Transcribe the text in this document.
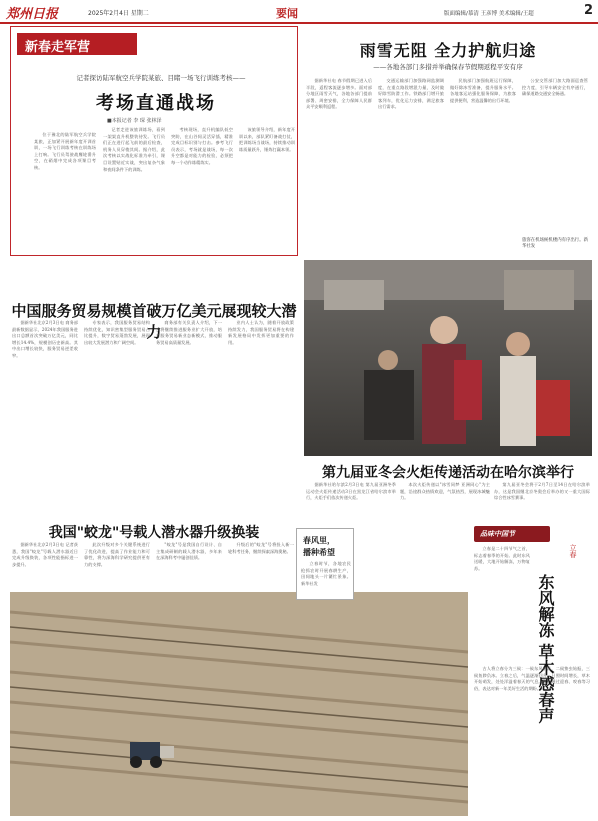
郑州日报	2025年2月4日 星期二	要闻	版面编辑/慕清 王彦博 美术编辑/王超	2
新春走军营
记者探访陆军航空兵学院某旅、目睹一场飞行训练考核——
考场直通战场
■本报记者 李 琛 张林泽

记者走进该旅训练场，看到一架架直升机整装待发。飞行员们正在进行起飞前的最后检查，机务人员穿梭其间。据介绍，此次考核以实战化标准为牵引，课目设置贴近实战，突出复杂气象和夜间条件下的训练。

考核现场，直升机编队低空突防，在山谷间灵活穿插，精准完成目标识别与打击。参考飞行员表示，考场就是战场，每一次升空都是对能力的检验，必须把每一个动作练精练实。

该旅领导介绍，新年度开训以来，部队紧盯备战打仗，把训练场当战场，持续推动训练质量跃升，锤炼打赢本领。

位于豫北的陆军航空兵学院某旅，正加紧开展新年度开训首训，一场飞行训练考核在训练场上打响。飞行员驾驶战鹰轮番升空，在硝烟中完成各项课目考核。

雨雪无阻 全力护航归途
——各地各部门多措并举确保春节假期返程平安有序

据新华社电 春节假期已进入后半段，返程客流逐步增多。面对部分地区雨雪天气，各地各部门提前部署、周密安排，全力保障人民群众平安顺利返程。

交通运输部门加强路网监测调度，在重点路段增派力量，及时做好除雪防滑工作。铁路部门增开旅客列车，优化运力安排，满足旅客出行需求。

民航部门加强航班运行保障，做好除冰雪准备，提升服务水平。各地客运站强化服务保障，为旅客提供便利，营造温馨的出行环境。

公安交管部门加大路面巡查管控力度，引导车辆安全有序通行，确保道路交通安全畅通。

旅客在机场候机楼内有序出行。新华社发
中国服务贸易规模首破万亿美元展现较大潜力

据新华社北京2月3日电 商务部最新数据显示，2024年我国服务进出口总额首次突破万亿美元，同比增长14.4%，规模创历史新高。其中出口增长较快，服务贸易逆差收窄。

专家表示，我国服务贸易结构持续优化，知识密集型服务贸易占比提升，数字贸易蓬勃发展，展现出较大发展潜力和广阔空间。

商务部有关负责人介绍，下一步将继续推进服务业扩大开放，培育服务贸易新业态新模式，推动服务贸易高质量发展。

业内人士认为，随着开放政策持续发力，我国服务贸易将在构建新发展格局中发挥更加重要的作用。

第九届亚冬会火炬传递活动在哈尔滨举行

据新华社哈尔滨2月3日电 第九届亚洲冬季运动会火炬传递活动3日在黑龙江省哈尔滨市举行，火炬手们依次传递火炬。

本次火炬传递以"冰雪同梦 亚洲同心"为主题，沿途群众热情欢迎，气氛热烈，展现冰城魅力。

第九届亚冬会将于2月7日至14日在哈尔滨举办，这是我国继北京冬奥会后举办的又一重大国际综合性冰雪赛事。

我国"蛟龙"号载人潜水器升级换装

据新华社北京2月3日电 记者获悉，我国"蛟龙"号载人潜水器近日完成升级换装，各项性能指标进一步提升。

此次升级对多个关键系统进行了优化改进，提高了作业能力和可靠性，将为深海科学研究提供更有力的支撑。

"蛟龙"号是我国自行设计、自主集成研制的载人潜水器，多年来在深海科考中屡创佳绩。

升级后的"蛟龙"号将投入新一轮科考任务，继续探索深海奥秘。

春风里，
播种希望

立春时节，各地农民抢抓农时开展春耕生产，田间地头一片繁忙景象。新华社发

品味中国节
立春
东风解冻 草木感春声

立春是二十四节气之首，标志着春季的开始。此时东风送暖，大地开始解冻，万物复苏。

古人将立春分为三候：一候东风解冻，二候蛰虫始振，三候鱼陟负冰。立春之后，气温逐渐回升，日照时间增长，草木开始萌发，处处洋溢着春天的气息。人们通过迎春、咬春等习俗，表达对新一年美好生活的期盼。
